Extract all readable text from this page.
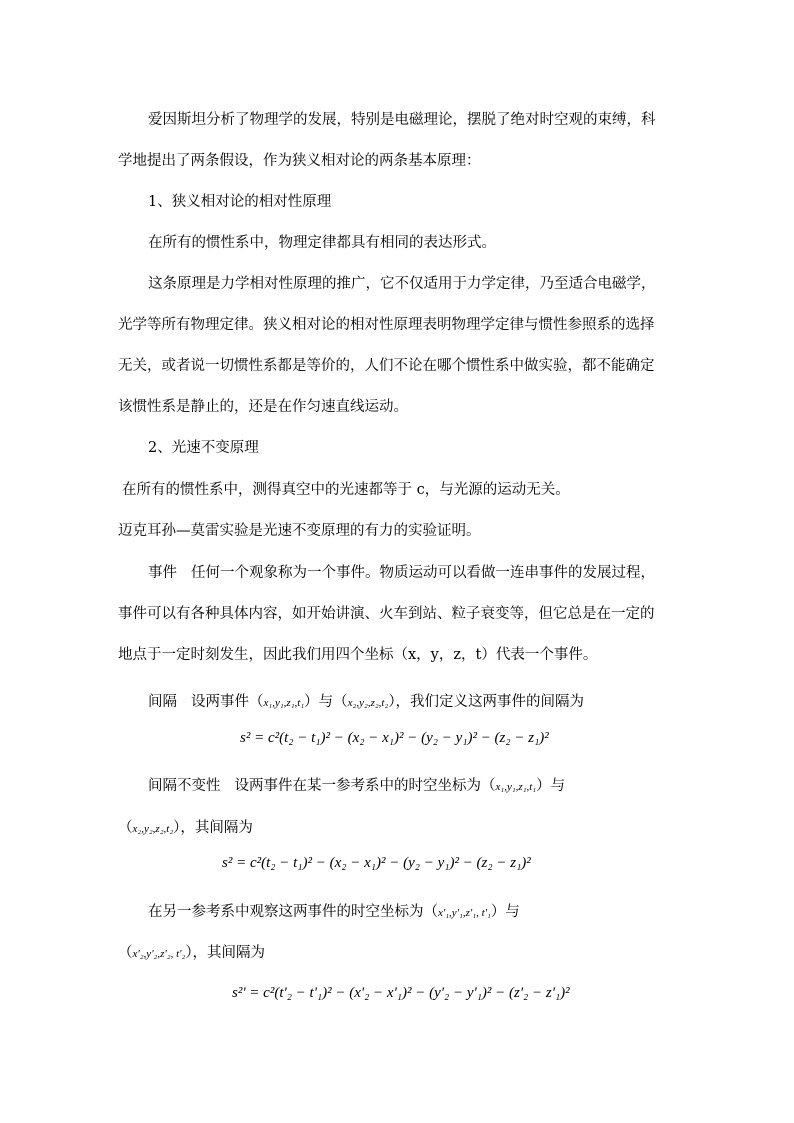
爱因斯坦分析了物理学的发展，特别是电磁理论，摆脱了绝对时空观的束缚，科
学地提出了两条假设，作为狭义相对论的两条基本原理：
1、狭义相对论的相对性原理
在所有的惯性系中，物理定律都具有相同的表达形式。
这条原理是力学相对性原理的推广，它不仅适用于力学定律，乃至适合电磁学，
光学等所有物理定律。狭义相对论的相对性原理表明物理学定律与惯性参照系的选择
无关，或者说一切惯性系都是等价的，人们不论在哪个惯性系中做实验，都不能确定
该惯性系是静止的，还是在作匀速直线运动。
2、光速不变原理
在所有的惯性系中，测得真空中的光速都等于 c，与光源的运动无关。
迈克耳孙—莫雷实验是光速不变原理的有力的实验证明。
事件 任何一个观象称为一个事件。物质运动可以看做一连串事件的发展过程，
事件可以有各种具体内容，如开始讲演、火车到站、粒子衰变等，但它总是在一定的
地点于一定时刻发生，因此我们用四个坐标（x，y，z，t）代表一个事件。
间隔 设两事件（x₁,y₁,z₁,t₁）与（x₂,y₂,z₂,t₂），我们定义这两事件的间隔为
s² = c²(t₂ − t₁)² − (x₂ − x₁)² − (y₂ − y₁)² − (z₂ − z₁)²
间隔不变性 设两事件在某一参考系中的时空坐标为（x₁,y₁,z₁,t₁）与
（x₂,y₂,z₂,t₂），其间隔为
s² = c²(t₂ − t₁)² − (x₂ − x₁)² − (y₂ − y₁)² − (z₂ − z₁)²
在另一参考系中观察这两事件的时空坐标为（x'₁,y'₁,z'₁, t'₁）与
（x'₂,y'₂,z'₂, t'₂），其间隔为
s²' = c²(t'₂ − t'₁)² − (x'₂ − x'₁)² − (y'₂ − y'₁)² − (z'₂ − z'₁)²
